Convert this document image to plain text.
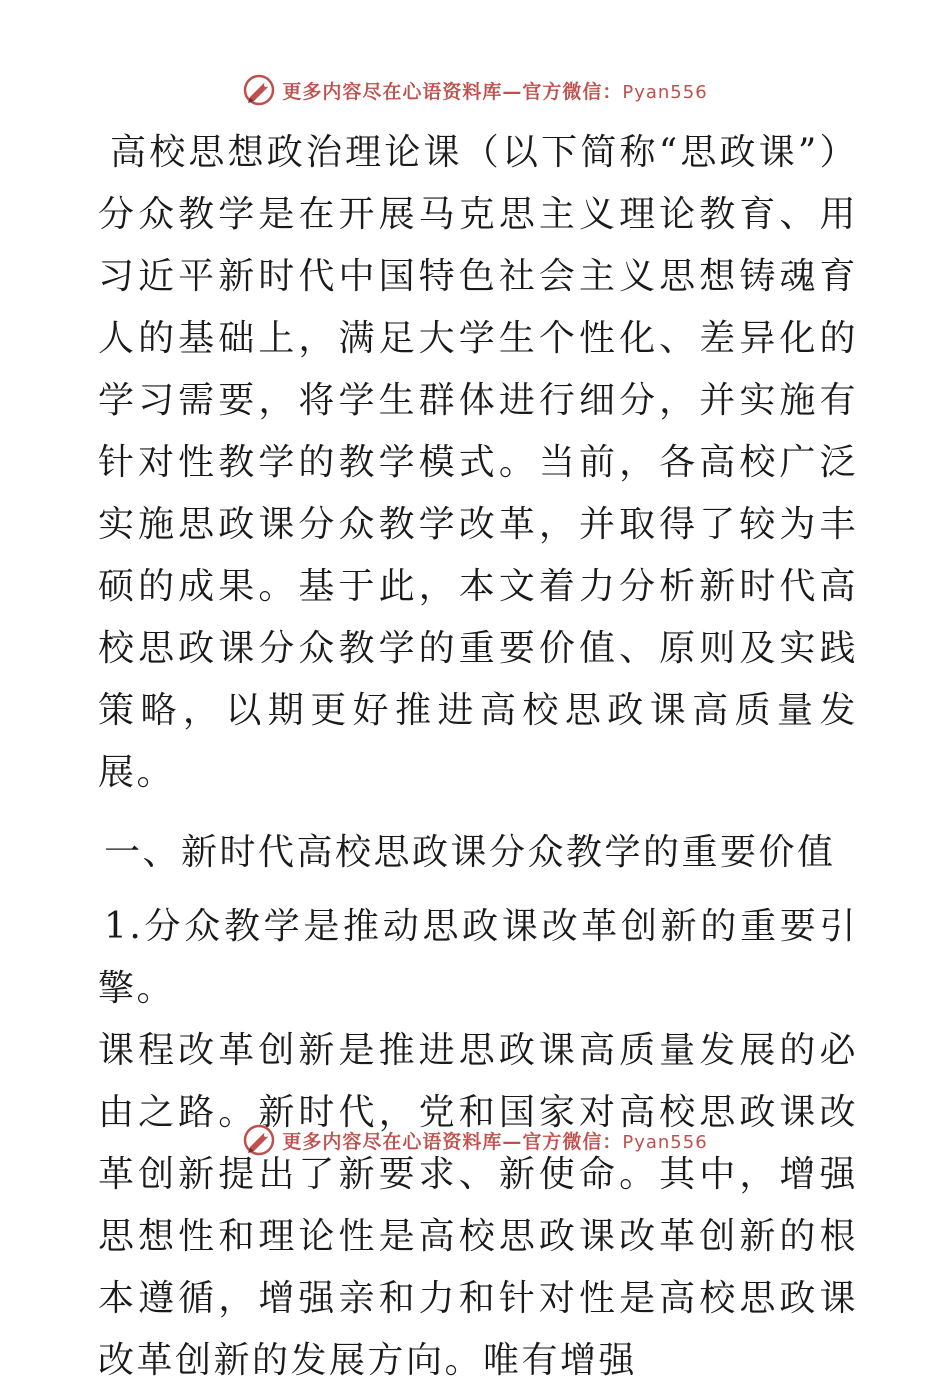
更多内容尽在心语资料库—官方微信：Pyan556

高校思想政治理论课（以下简称“思政课”）分众教学是在开展马克思主义理论教育、用习近平新时代中国特色社会主义思想铸魂育人的基础上，满足大学生个性化、差异化的学习需要，将学生群体进行细分，并实施有针对性教学的教学模式。当前，各高校广泛实施思政课分众教学改革，并取得了较为丰硕的成果。基于此，本文着力分析新时代高校思政课分众教学的重要价值、原则及实践策略，以期更好推进高校思政课高质量发展。

一、新时代高校思政课分众教学的重要价值

1.分众教学是推动思政课改革创新的重要引擎。

课程改革创新是推进思政课高质量发展的必由之路。新时代，党和国家对高校思政课改革创新提出了新要求、新使命。其中，增强思想性和理论性是高校思政课改革创新的根本遵循，增强亲和力和针对性是高校思政课改革创新的发展方向。唯有增强

更多内容尽在心语资料库—官方微信：Pyan556
